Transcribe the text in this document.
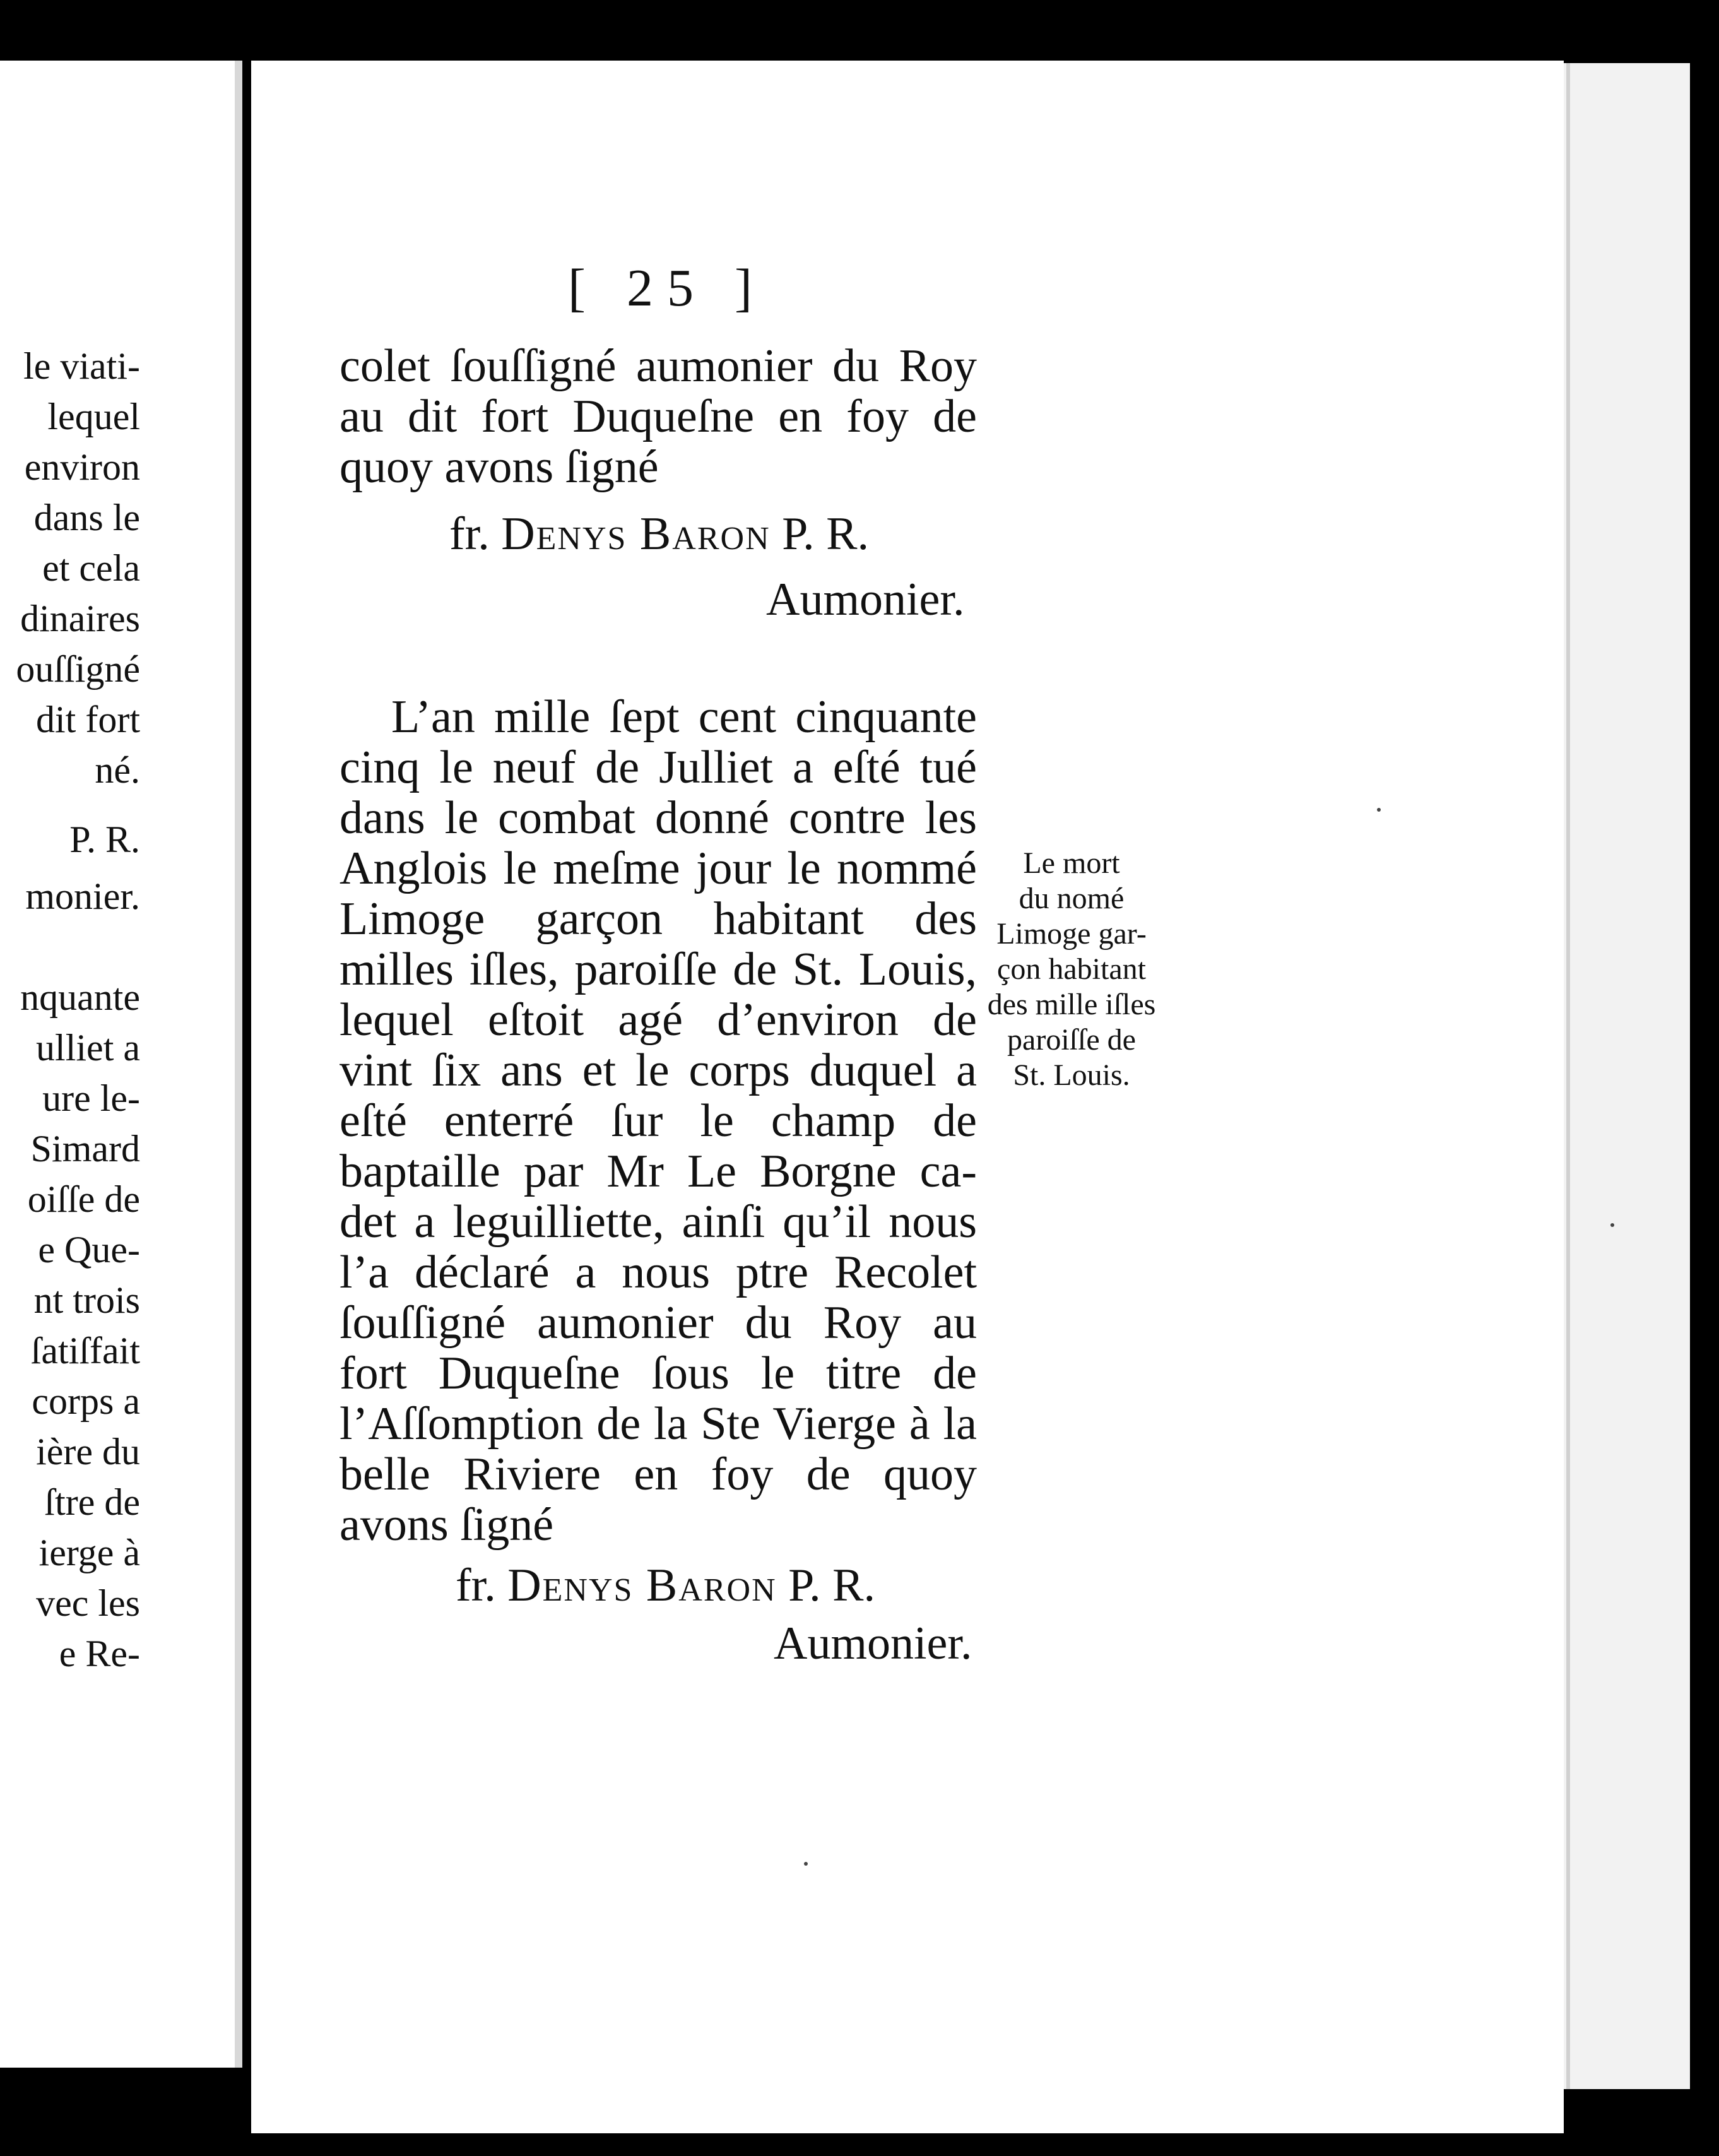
le viati-
lequel
environ
dans le
et cela
dinaires
ouſſigné
dit fort
né.
P. R.
monier.
nquante
ulliet a
ure le-
Simard
oiſſe de
e Que-
nt trois
ſatiſfait
corps a
ière du
ſtre de
ierge à
vec les
e Re-
[ 25 ]
colet ſouſſigné aumonier du Roy
au dit fort Duqueſne en foy de
quoy avons ſigné
fr. Denys Baron P. R.
Aumonier.
L’an mille ſept cent cinquante
cinq le neuf de Julliet a eſté tué
dans le combat donné contre les
Anglois le meſme jour le nommé
Limoge garçon habitant des
milles iſles, paroiſſe de St. Louis,
lequel eſtoit agé d’environ de
vint ſix ans et le corps duquel a
eſté enterré ſur le champ de
baptaille par Mr Le Borgne ca-
det a leguilliette, ainſi qu’il nous
l’a déclaré a nous ptre Recolet
ſouſſigné aumonier du Roy au
fort Duqueſne ſous le titre de
l’Aſſomption de la Ste Vierge à la
belle Riviere en foy de quoy
avons ſigné
fr. Denys Baron P. R.
Aumonier.
Le mort
du nomé
Limoge gar-
çon habitant
des mille iſles
paroiſſe de
St. Louis.
